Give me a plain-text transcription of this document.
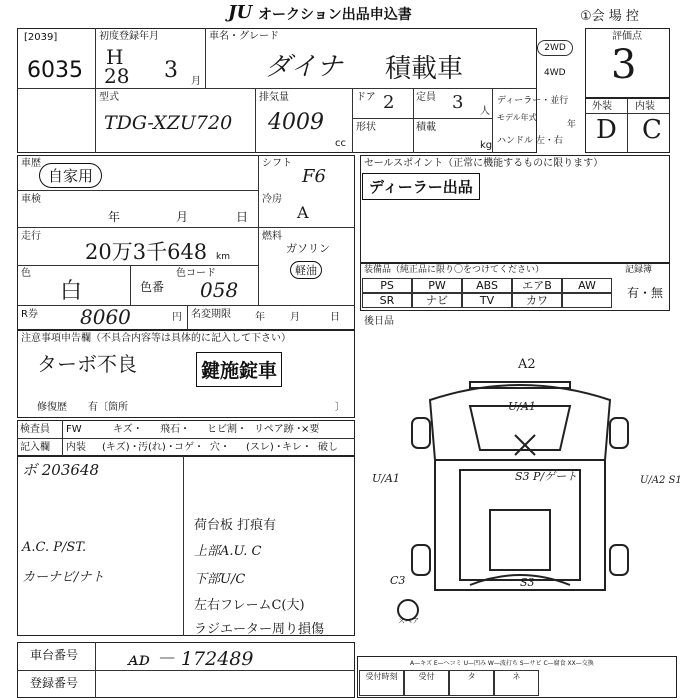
JU オークション出品申込書	①会 場 控
[2039]
6035
初度登録年月
H
28 3 月
車名・グレード
ダイナ 積載車
2WD
4WD
型式
TDG-XZU720
排気量
4009
cc
ドア 2 定員 3 人
形状	積載
kg
ディーラー・並行
モデル年式
年
ハンドル 左・右
評価点
3
外装 内装
D C
車歴
自家用
車検
年	月	日
走行
20万3千648 km
色
白	色番
色コード
058
シフト
F6
冷房
A
燃料
ガソリン
軽油
R券 8060	円 名変期限 年	月	日
セールスポイント（正常に機能するものに限ります）
ディーラー出品
装備品（純正品に限り〇をつけてください）
PS	PW	ABS	エアB	AW
SR	ナビ	TV	カワ
記録簿
有・無
後日品
注意事項申告欄（不具合内容等は具体的に記入して下さい）
ターボ不良	鍵施錠車
修復歴 有〔箇所	〕
検査員
記入欄
FW	キズ・ 飛石・ ヒビ割・ リペア跡・
×要
内装 (キズ)・
汚(れ)・
コゲ・ 穴・ (スレ)・
キレ・ 破し
ボ 203648
A.C. P/ST.
カーナビ/ナト
荷台板 打痕有
上部A.U. C
下部U/C
左右フレームC(大)
ラジエーター周り損傷
A2
U/A1
S3 P/ゲート
U/A1	U/A2 S1
C3	S3
スペア
車台番号	ᴀᴅ － 172489
登録番号
A—キズ E—ヘコミ U—凹み W—波打ち S—サビ C—腐食 XX—交換
受付時刻	受付	タ	ネ
